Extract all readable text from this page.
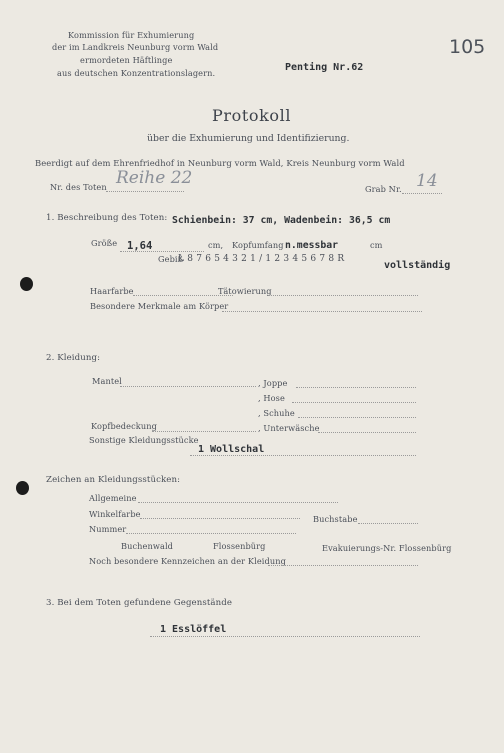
105
Kommission für Exhumierung
der im Landkreis Neunburg vorm Wald
ermordeten Häftlinge
aus deutschen Konzentrationslagern.	Penting Nr.62
Protokoll
über die Exhumierung und Identifizierung.
Beerdigt auf dem Ehrenfriedhof in Neunburg vorm Wald, Kreis Neunburg vorm Wald
Nr. des Toten Reihe 22
Grab Nr. 14
1. Beschreibung des Toten: Schienbein: 37 cm, Wadenbein: 36,5 cm
Größe 1,64	cm, Kopfumfang n.messbar	cm
Gebiß
L 8 7 6 5 4 3 2 1 / 1 2 3 4 5 6 7 8 R
vollständig
Haarfarbe	Tätowierung
Besondere Merkmale am Körper
2. Kleidung:
Mantel	, Joppe
, Hose
, Schuhe
Kopfbedeckung	, Unterwäsche
Sonstige Kleidungsstücke
1 Wollschal
Zeichen an Kleidungsstücken:
Allgemeine
Winkelfarbe	Buchstabe
Nummer
Buchenwald	Flossenbürg	Evakuierungs-Nr. Flossenbürg
Noch besondere Kennzeichen an der Kleidung
3. Bei dem Toten gefundene Gegenstände
1 Esslöffel
